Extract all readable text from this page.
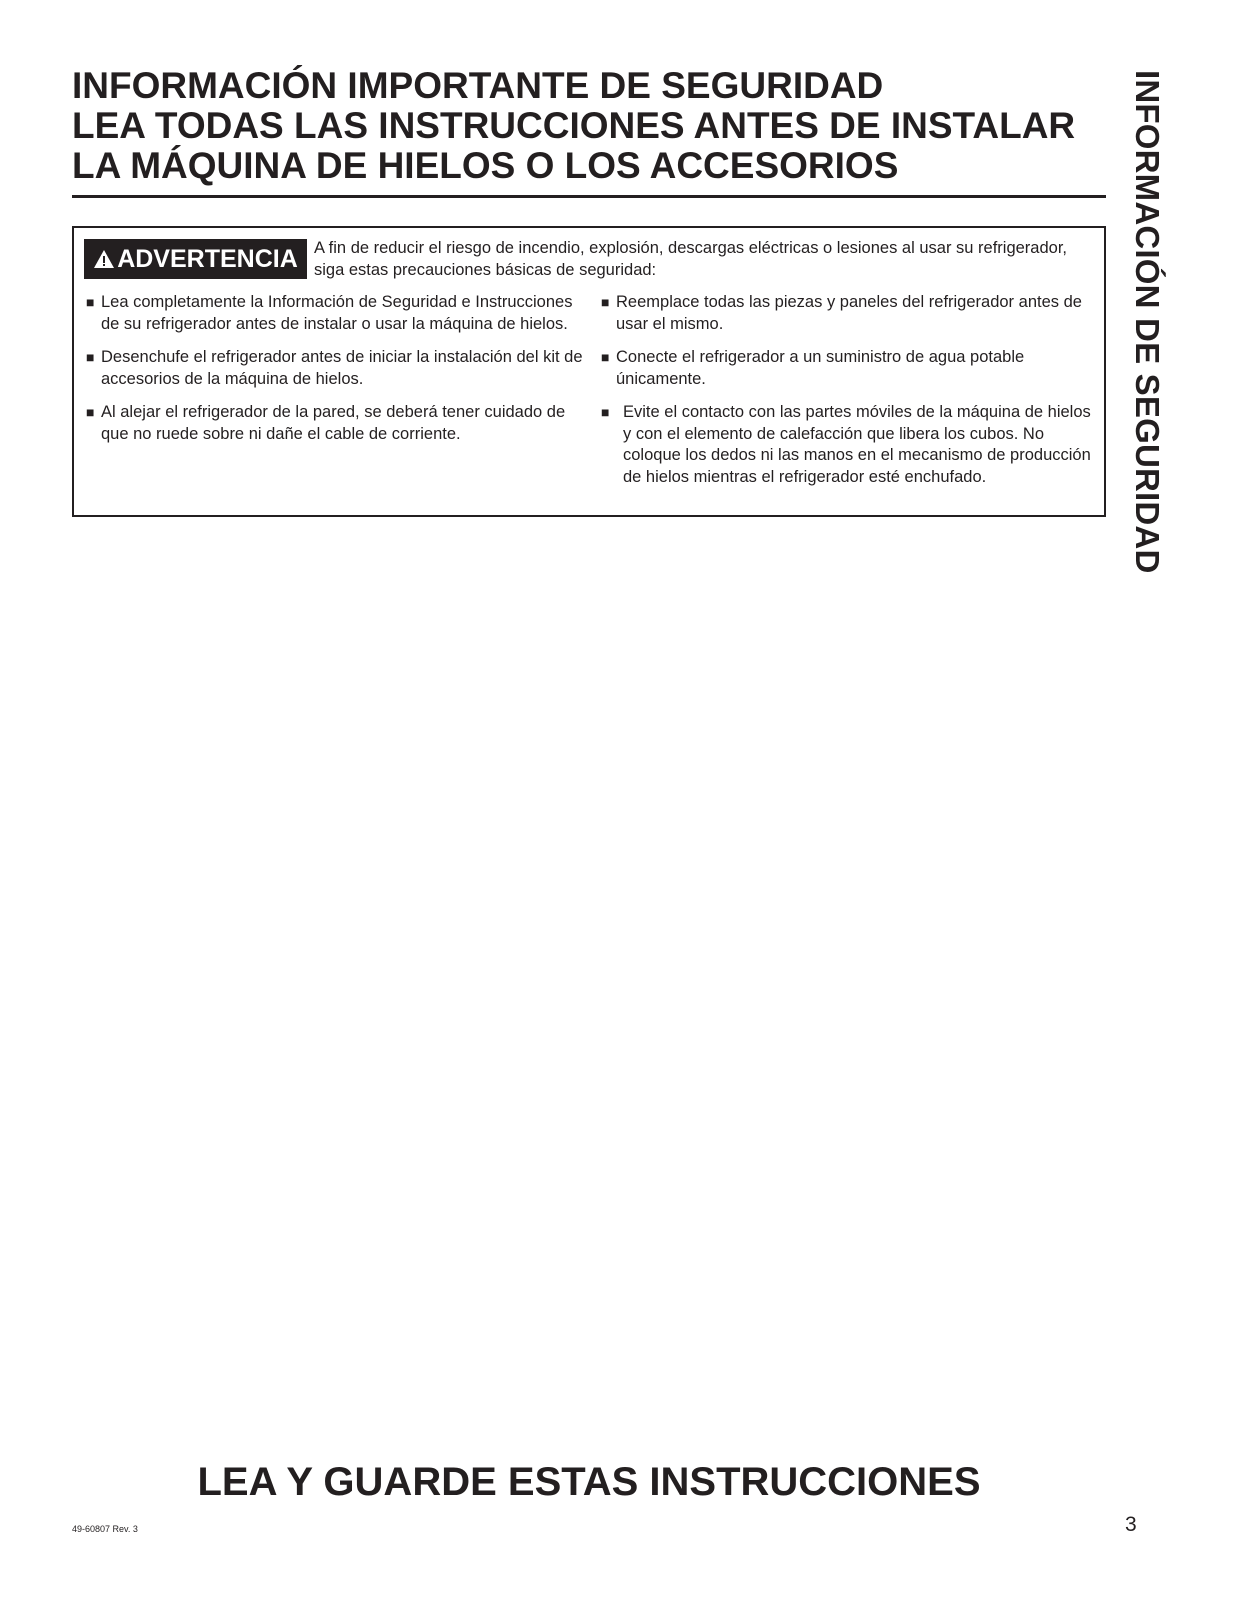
INFORMACIÓN IMPORTANTE DE SEGURIDAD
LEA TODAS LAS INSTRUCCIONES ANTES DE INSTALAR
LA MÁQUINA DE HIELOS O LOS ACCESORIOS	INFORMACIÓN DE SEGURIDAD
ADVERTENCIA A fin de reducir el riesgo de incendio, explosión, descargas eléctricas o lesiones al usar su refrigerador, siga estas precauciones básicas de seguridad:
■ Lea completamente la Información de Seguridad e Instrucciones de su refrigerador antes de instalar o usar la máquina de hielos.
■ Desenchufe el refrigerador antes de iniciar la instalación del kit de accesorios de la máquina de hielos.
■ Al alejar el refrigerador de la pared, se deberá tener cuidado de que no ruede sobre ni dañe el cable de corriente.
■ Reemplace todas las piezas y paneles del refrigerador antes de usar el mismo.
■ Conecte el refrigerador a un suministro de agua potable únicamente.
■ Evite el contacto con las partes móviles de la máquina de hielos y con el elemento de calefacción que libera los cubos. No coloque los dedos ni las manos en el mecanismo de producción de hielos mientras el refrigerador esté enchufado.
LEA Y GUARDE ESTAS INSTRUCCIONES
49-60807 Rev. 3	3
